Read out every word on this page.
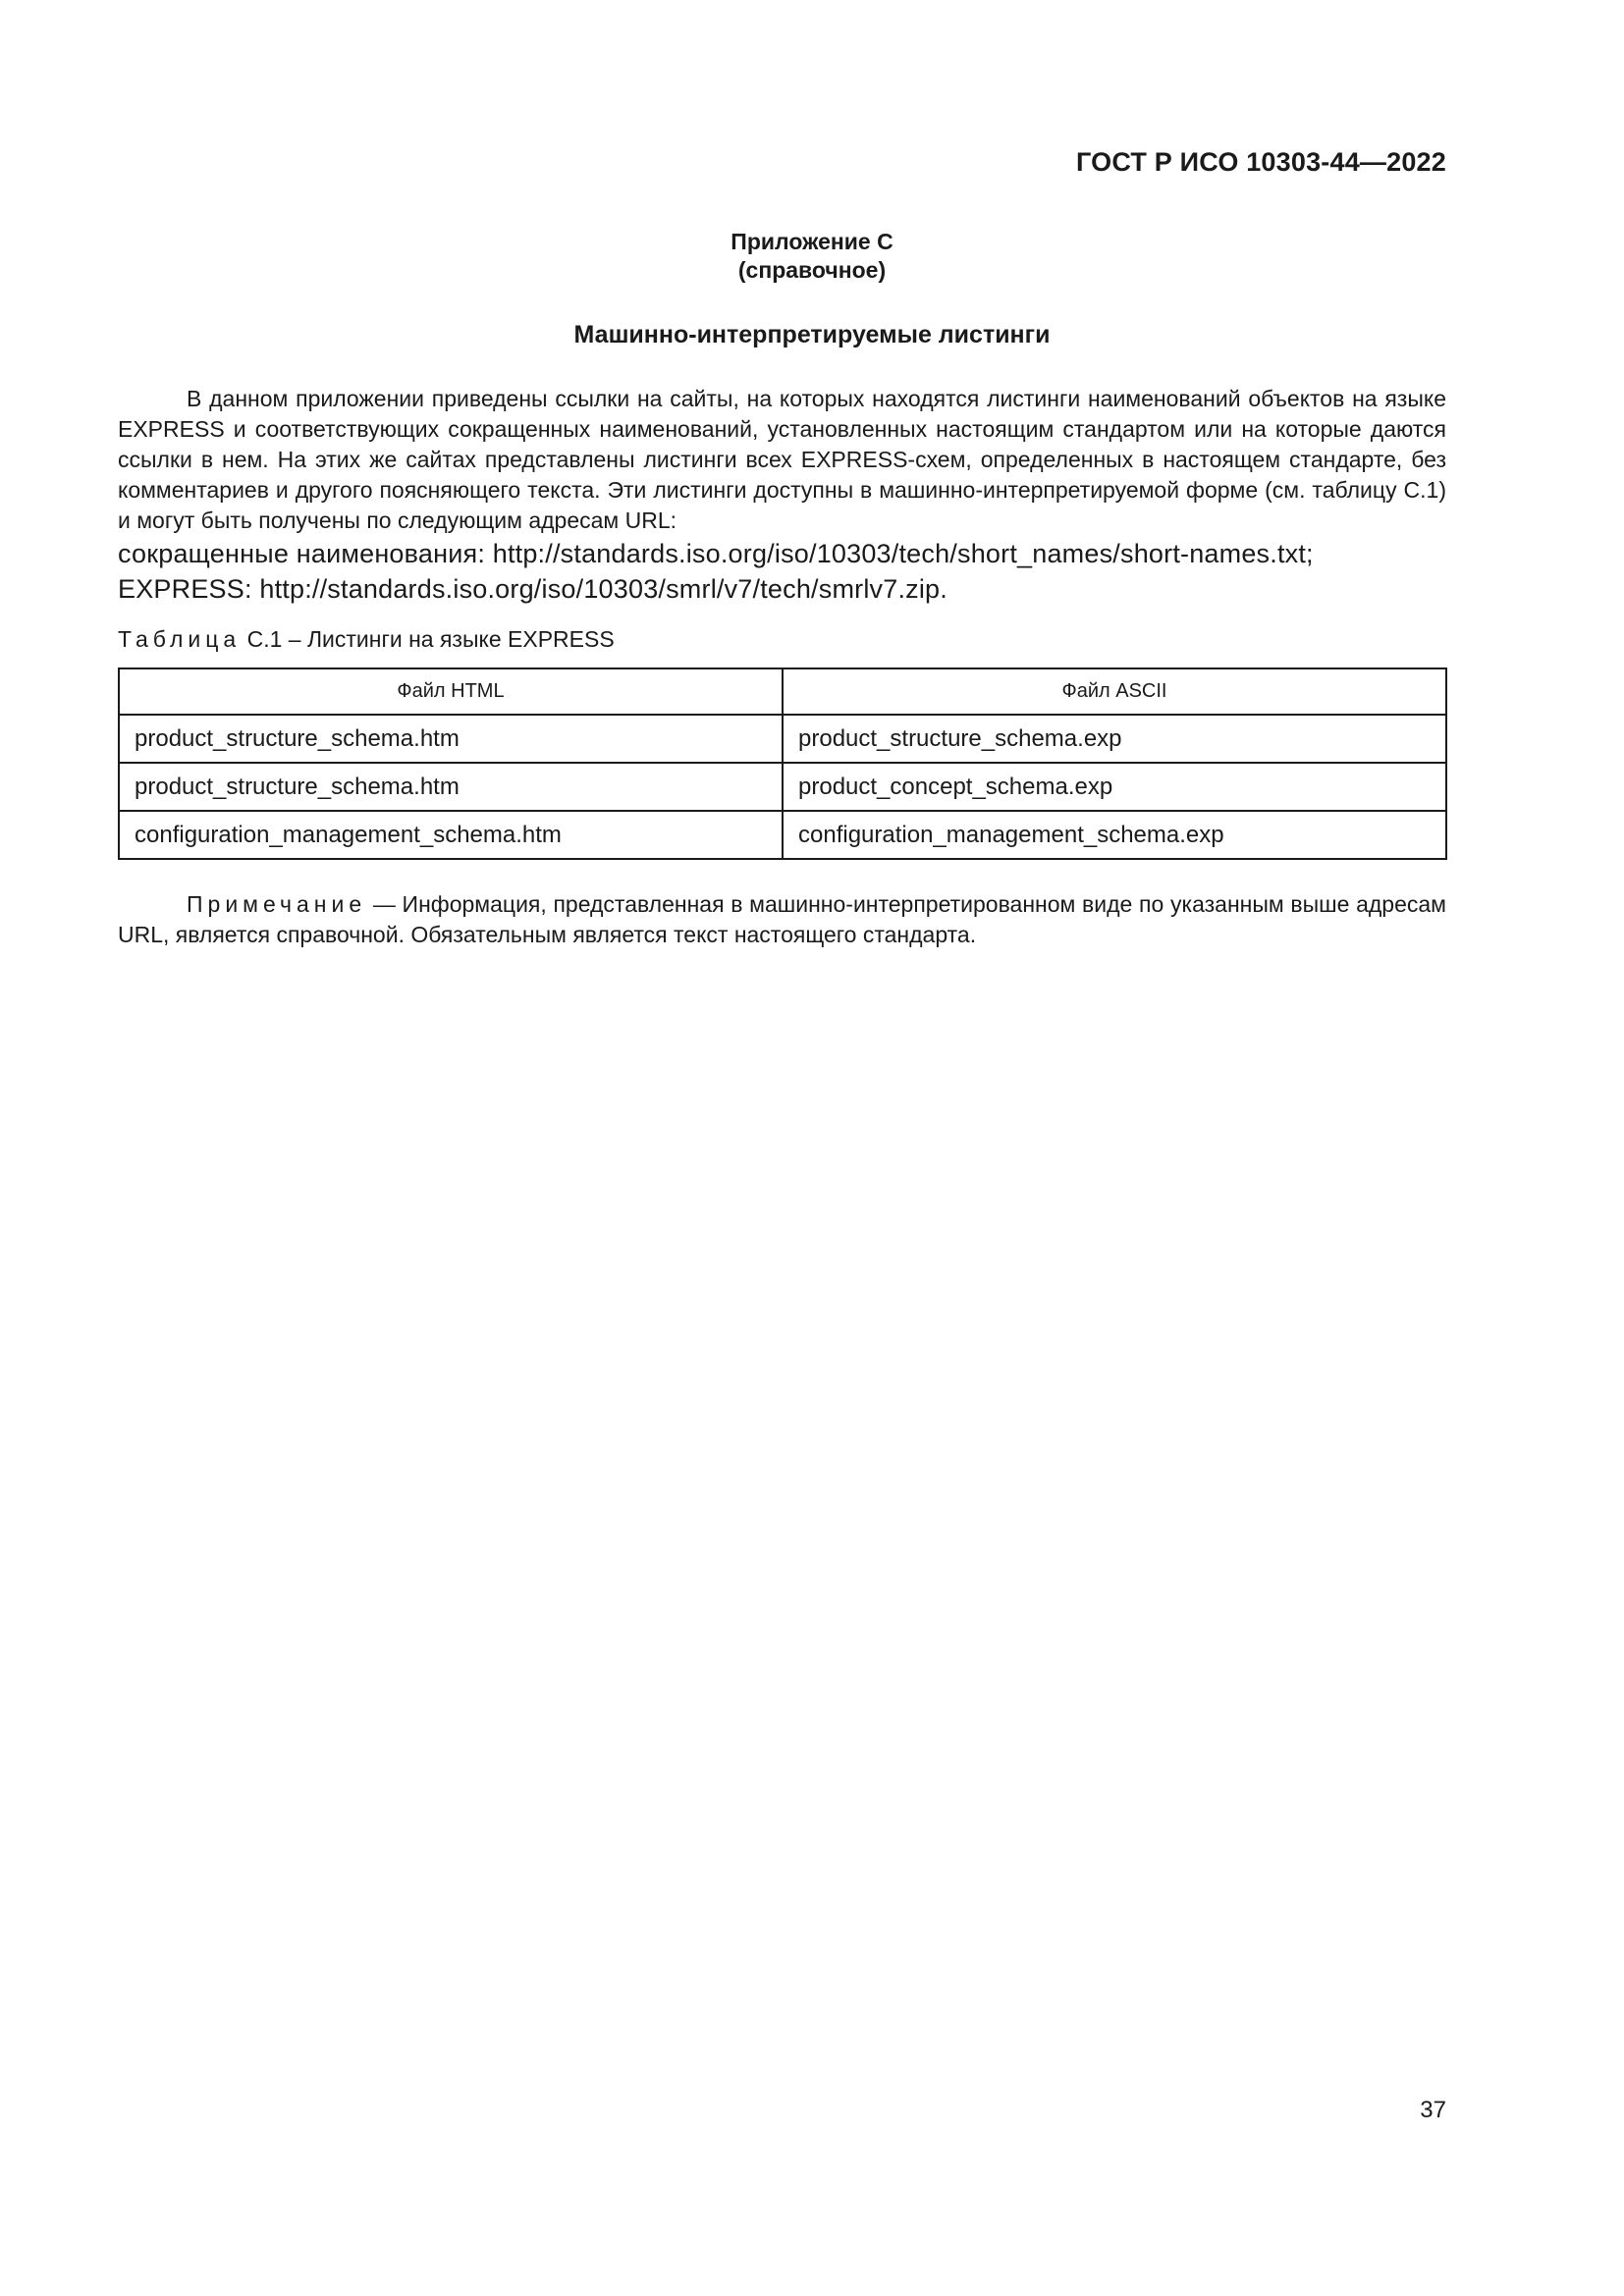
ГОСТ Р ИСО 10303-44—2022
Приложение С
(справочное)
Машинно-интерпретируемые листинги

В данном приложении приведены ссылки на сайты, на которых находятся листинги наименований объектов на языке EXPRESS и соответствующих сокращенных наименований, установленных настоящим стандартом или на которые даются ссылки в нем. На этих же сайтах представлены листинги всех EXPRESS-схем, определенных в настоящем стандарте, без комментариев и другого поясняющего текста. Эти листинги доступны в машинно-интерпретируемой форме (см. таблицу С.1) и могут быть получены по следующим адресам URL:

сокращенные наименования: http://standards.iso.org/iso/10303/tech/short_names/short-names.txt;

EXPRESS: http://standards.iso.org/iso/10303/smrl/v7/tech/smrlv7.zip.

Таблица С.1 – Листинги на языке EXPRESS
Файл HTML	Файл ASCII
product_structure_schema.htm	product_structure_schema.exp
product_structure_schema.htm	product_concept_schema.exp
configuration_management_schema.htm	configuration_management_schema.exp

Примечание — Информация, представленная в машинно-интерпретированном виде по указанным выше адресам URL, является справочной. Обязательным является текст настоящего стандарта.

37
